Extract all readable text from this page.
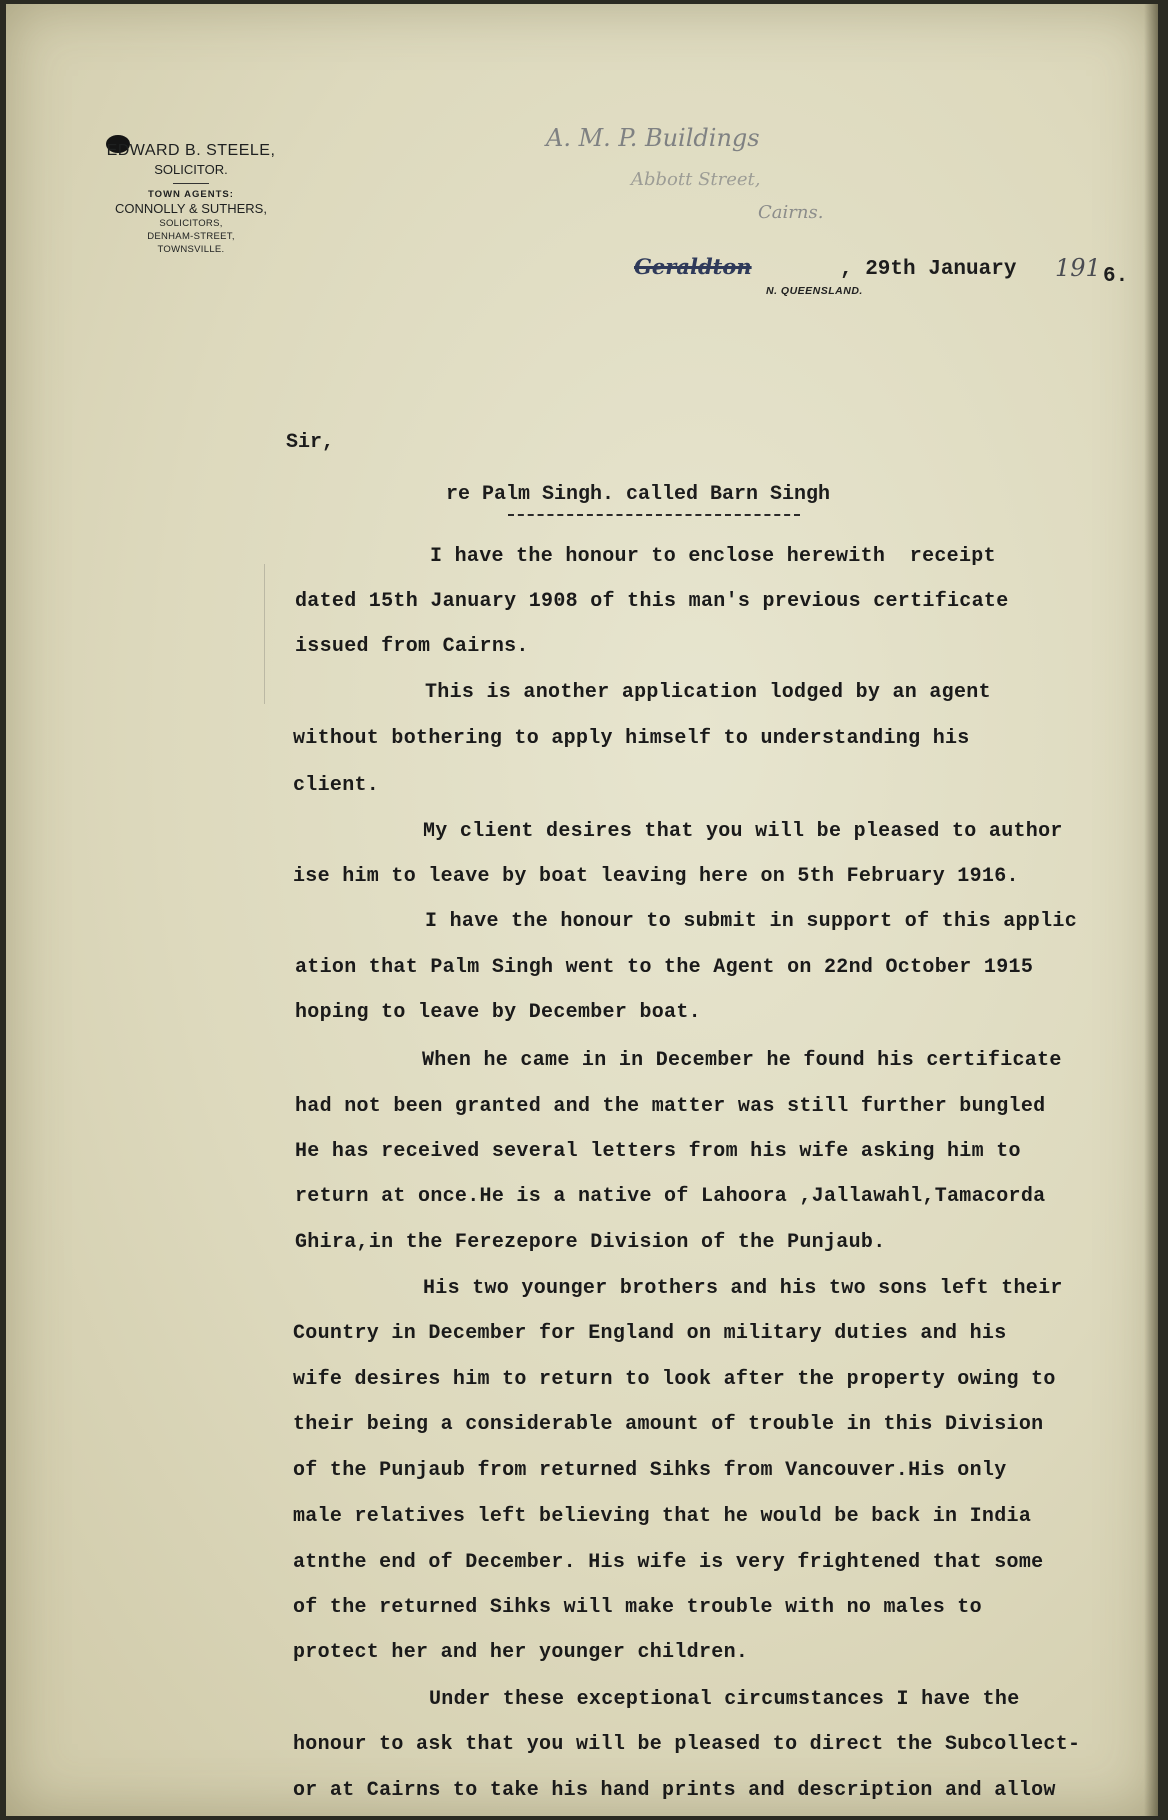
EDWARD B. STEELE,
SOLICITOR.
TOWN AGENTS:
CONNOLLY & SUTHERS,
SOLICITORS,
DENHAM-STREET,
TOWNSVILLE.
A. M. P. Buildings
Abbott Street,
Cairns.
Geraldton	, 29th January 191 6.
N. QUEENSLAND.
Sir,
re Palm Singh. called Barn Singh
I have the honour to enclose herewith  receipt
dated 15th January 1908 of this man's previous certificate
issued from Cairns.
This is another application lodged by an agent
without bothering to apply himself to understanding his
client.
My client desires that you will be pleased to author
ise him to leave by boat leaving here on 5th February 1916.
I have the honour to submit in support of this applic
ation that Palm Singh went to the Agent on 22nd October 1915
hoping to leave by December boat.
When he came in in December he found his certificate
had not been granted and the matter was still further bungled
He has received several letters from his wife asking him to
return at once.He is a native of Lahoora ,Jallawahl,Tamacorda
Ghira,in the Ferezepore Division of the Punjaub.
His two younger brothers and his two sons left their
Country in December for England on military duties and his
wife desires him to return to look after the property owing to
their being a considerable amount of trouble in this Division
of the Punjaub from returned Sihks from Vancouver.His only
male relatives left believing that he would be back in India
atnthe end of December. His wife is very frightened that some
of the returned Sihks will make trouble with no males to
protect her and her younger children.
Under these exceptional circumstances I have the
honour to ask that you will be pleased to direct the Subcollect-
or at Cairns to take his hand prints and description and allow
